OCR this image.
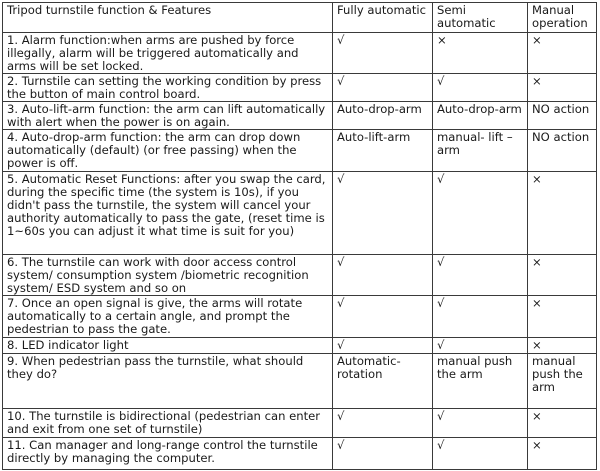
Tripod turnstile function & Features	Fully automatic	Semi automatic	Manual operation
1. Alarm function:when arms are pushed by force illegally, alarm will be triggered automatically and arms will be set locked.	√	×	×
2. Turnstile can setting the working condition by press the button of main control board.	√	√	×
3. Auto-lift-arm function: the arm can lift automatically with alert when the power is on again.	Auto-drop-arm	Auto-drop-arm	NO action
4. Auto-drop-arm function: the arm can drop down automatically (default) (or free passing) when the power is off.	Auto-lift-arm	manual- lift – arm	NO action
5. Automatic Reset Functions: after you swap the card, during the specific time (the system is 10s), if you didn't pass the turnstile, the system will cancel your authority automatically to pass the gate, (reset time is 1~60s you can adjust it what time is suit for you)	√	√	×
6. The turnstile can work with door access control system/ consumption system /biometric recognition system/ ESD system and so on	√	√	×
7. Once an open signal is give, the arms will rotate automatically to a certain angle, and prompt the pedestrian to pass the gate.	√	√	×
8. LED indicator light	√	√	×
9. When pedestrian pass the turnstile, what should they do?	Automatic-rotation	manual push the arm	manual push the arm
10. The turnstile is bidirectional (pedestrian can enter and exit from one set of turnstile)	√	√	×
11. Can manager and long-range control the turnstile directly by managing the computer.	√	√	×
